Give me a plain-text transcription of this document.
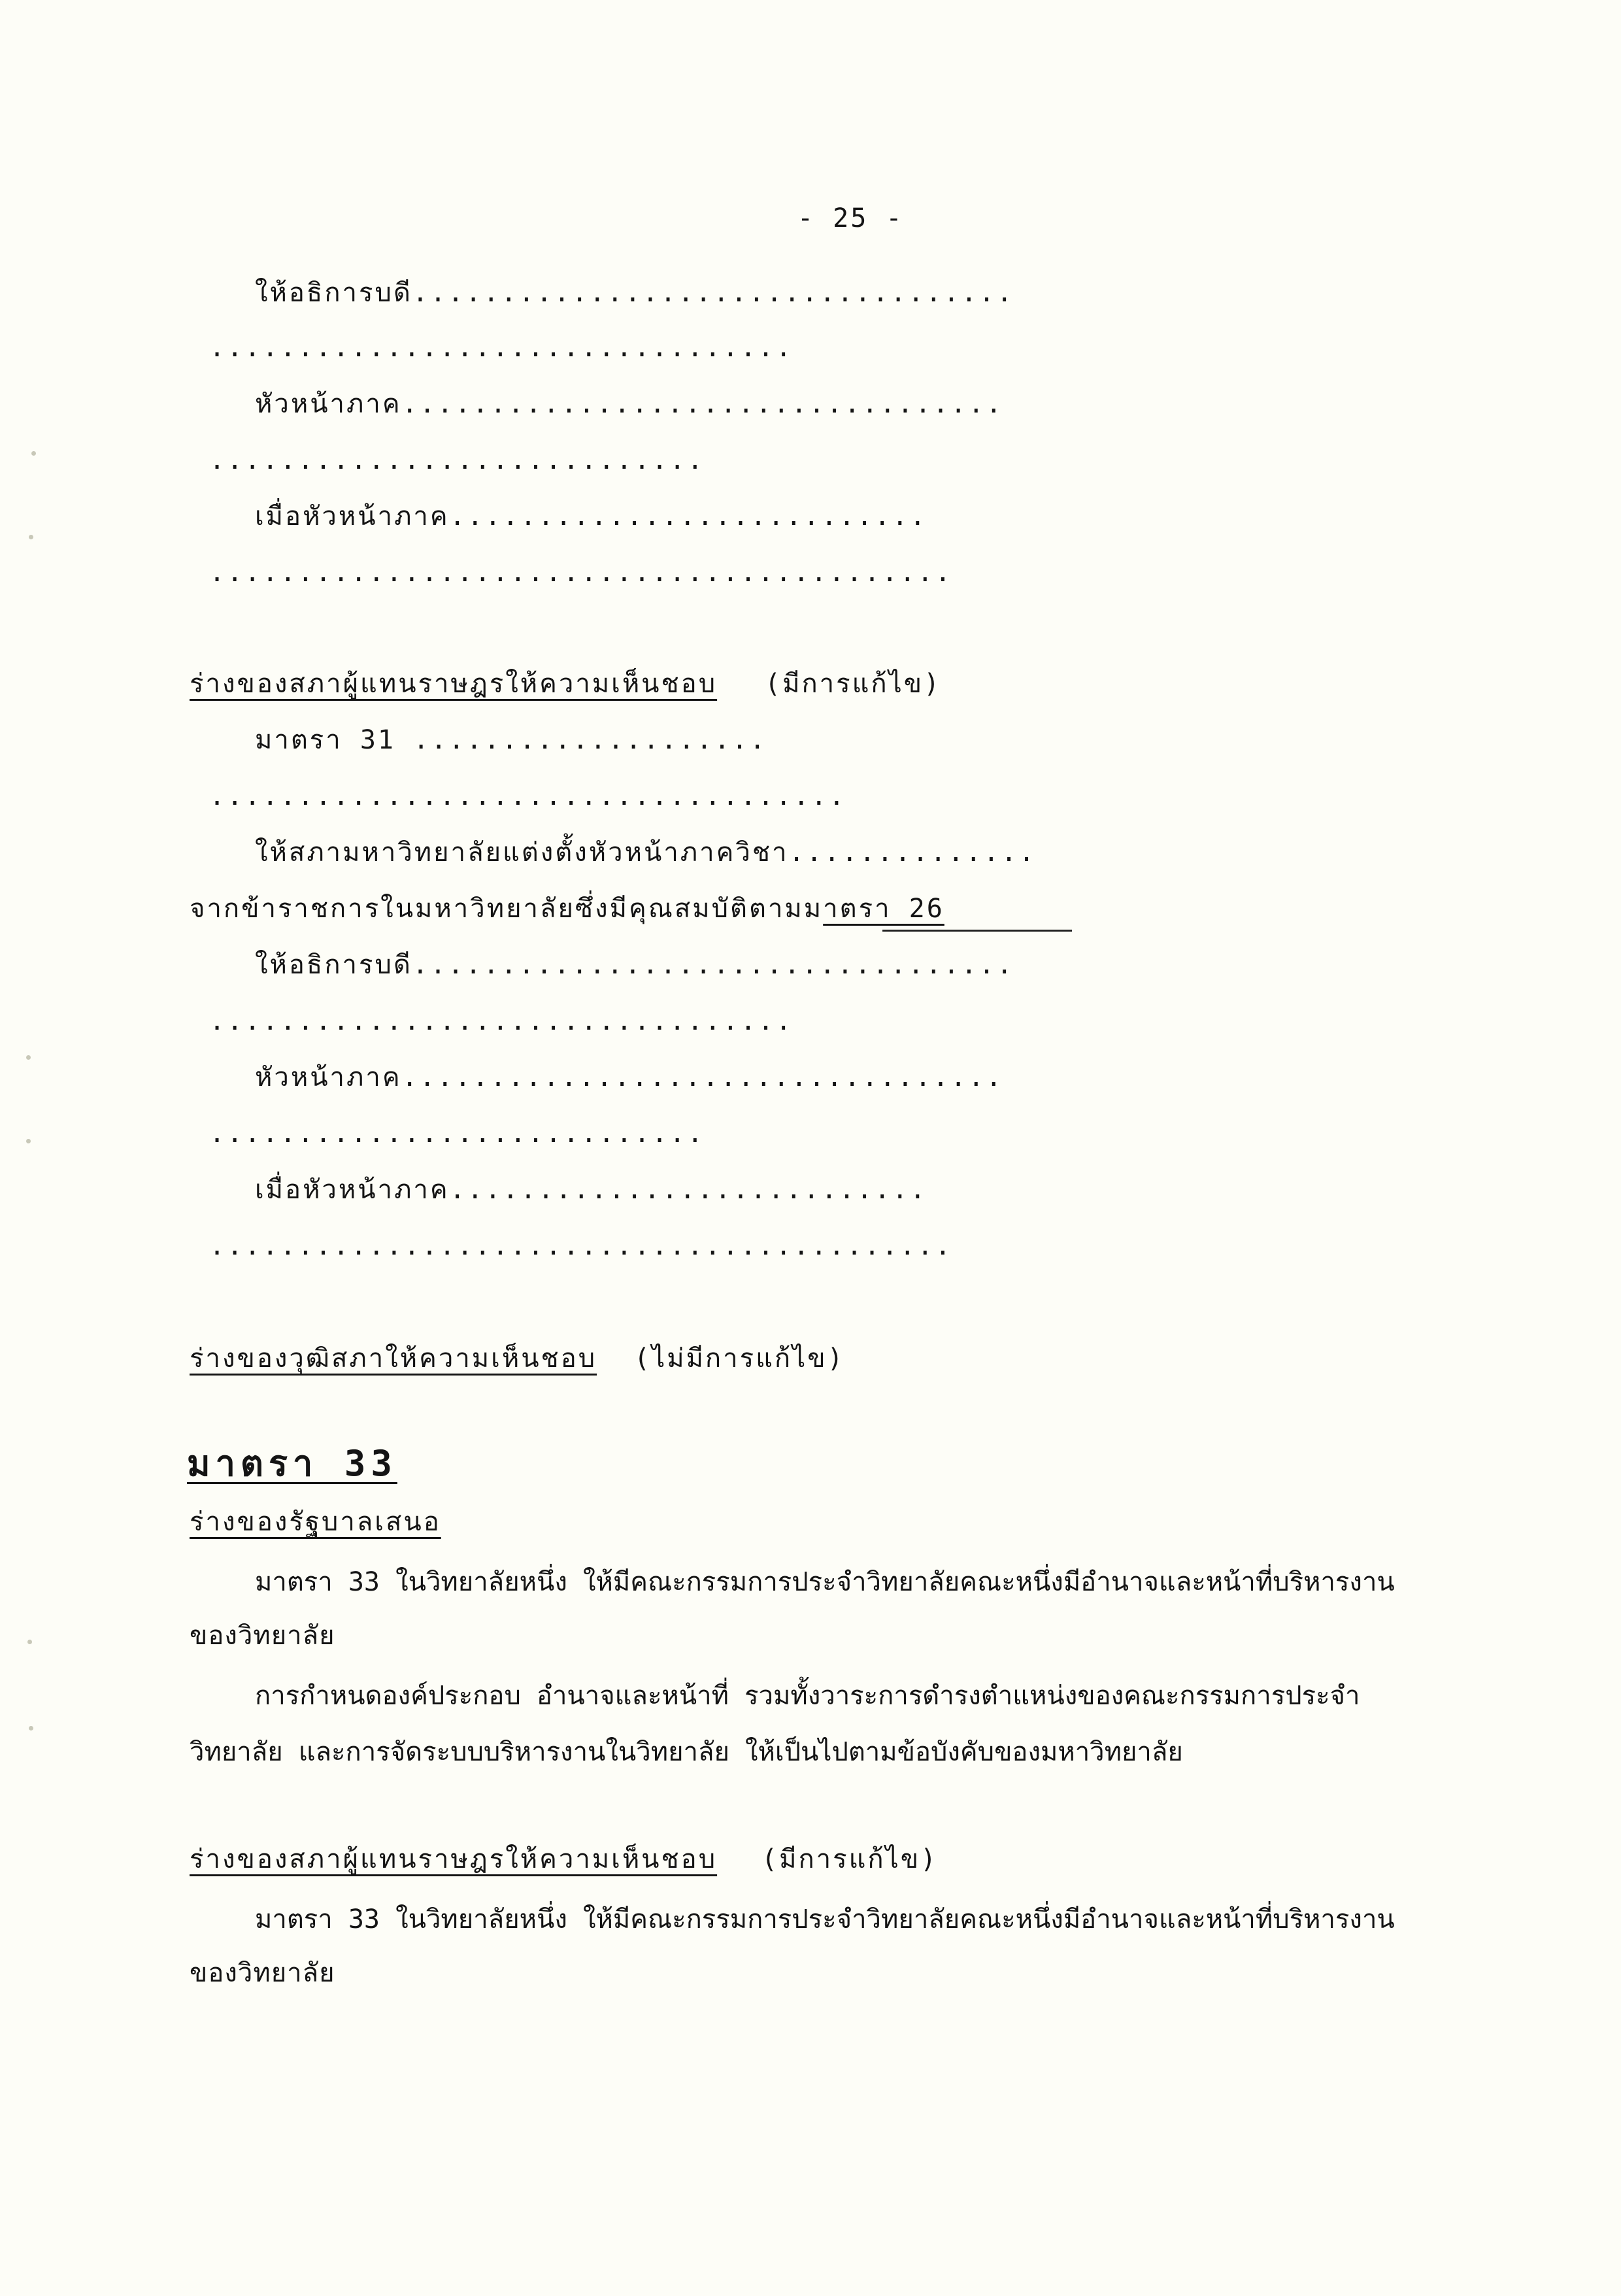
- 25 -
ให้อธิการบดี..................................
.................................
หัวหน้าภาค..................................
............................
เมื่อหัวหน้าภาค...........................
..........................................
ร่างของสภาผู้แทนราษฎรให้ความเห็นชอบ (มีการแก้ไข)
มาตรา 31 ....................
....................................
ให้สภามหาวิทยาลัยแต่งตั้งหัวหน้าภาควิชา..............
จากข้าราชการในมหาวิทยาลัยซึ่งมีคุณสมบัติตามมาตรา 26
ให้อธิการบดี..................................
.................................
หัวหน้าภาค..................................
............................
เมื่อหัวหน้าภาค...........................
..........................................
ร่างของวุฒิสภาให้ความเห็นชอบ (ไม่มีการแก้ไข)
มาตรา 33
ร่างของรัฐบาลเสนอ
มาตรา 33 ในวิทยาลัยหนึ่ง ให้มีคณะกรรมการประจำวิทยาลัยคณะหนึ่งมีอำนาจและหน้าที่บริหารงาน
ของวิทยาลัย
การกำหนดองค์ประกอบ อำนาจและหน้าที่ รวมทั้งวาระการดำรงตำแหน่งของคณะกรรมการประจำ
วิทยาลัย และการจัดระบบบริหารงานในวิทยาลัย ให้เป็นไปตามข้อบังคับของมหาวิทยาลัย
ร่างของสภาผู้แทนราษฎรให้ความเห็นชอบ (มีการแก้ไข)
มาตรา 33 ในวิทยาลัยหนึ่ง ให้มีคณะกรรมการประจำวิทยาลัยคณะหนึ่งมีอำนาจและหน้าที่บริหารงาน
ของวิทยาลัย
